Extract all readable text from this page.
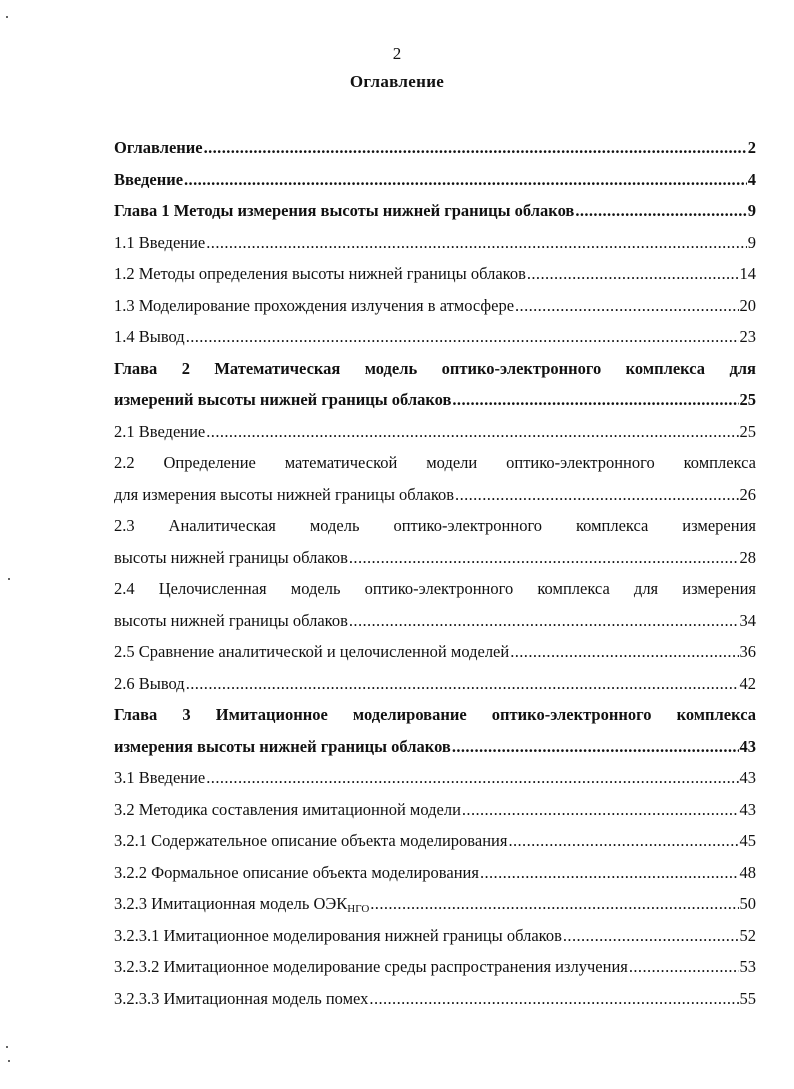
2
Оглавление
Оглавление .....	2
Введение .....	4
Глава 1 Методы измерения высоты нижней границы облаков .....	9
1.1 Введение .....	9
1.2 Методы определения высоты нижней границы облаков .....	14
1.3 Моделирование прохождения излучения в атмосфере .....	20
1.4 Вывод .....	23
Глава 2 Математическая модель оптико-электронного комплекса для
измерений высоты нижней границы облаков .....	25
2.1 Введение .....	25
2.2 Определение математической модели оптико-электронного комплекса
для измерения высоты нижней границы облаков .....	26
2.3 Аналитическая модель оптико-электронного комплекса измерения
высоты нижней границы облаков .....	28
2.4 Целочисленная модель оптико-электронного комплекса для измерения
высоты нижней границы облаков .....	34
2.5 Сравнение аналитической и целочисленной моделей .....	36
2.6 Вывод .....	42
Глава 3 Имитационное моделирование оптико-электронного комплекса
измерения высоты нижней границы облаков .....	43
3.1 Введение .....	43
3.2 Методика составления имитационной модели .....	43
3.2.1 Содержательное описание объекта моделирования .....	45
3.2.2 Формальное описание объекта моделирования .....	48
3.2.3 Имитационная модель $ОЭК_{НГО}$ .....	50
3.2.3.1 Имитационное моделирования нижней границы облаков .....	52
3.2.3.2 Имитационное моделирование среды распространения излучения .....	53
3.2.3.3 Имитационная модель помех .....	55
